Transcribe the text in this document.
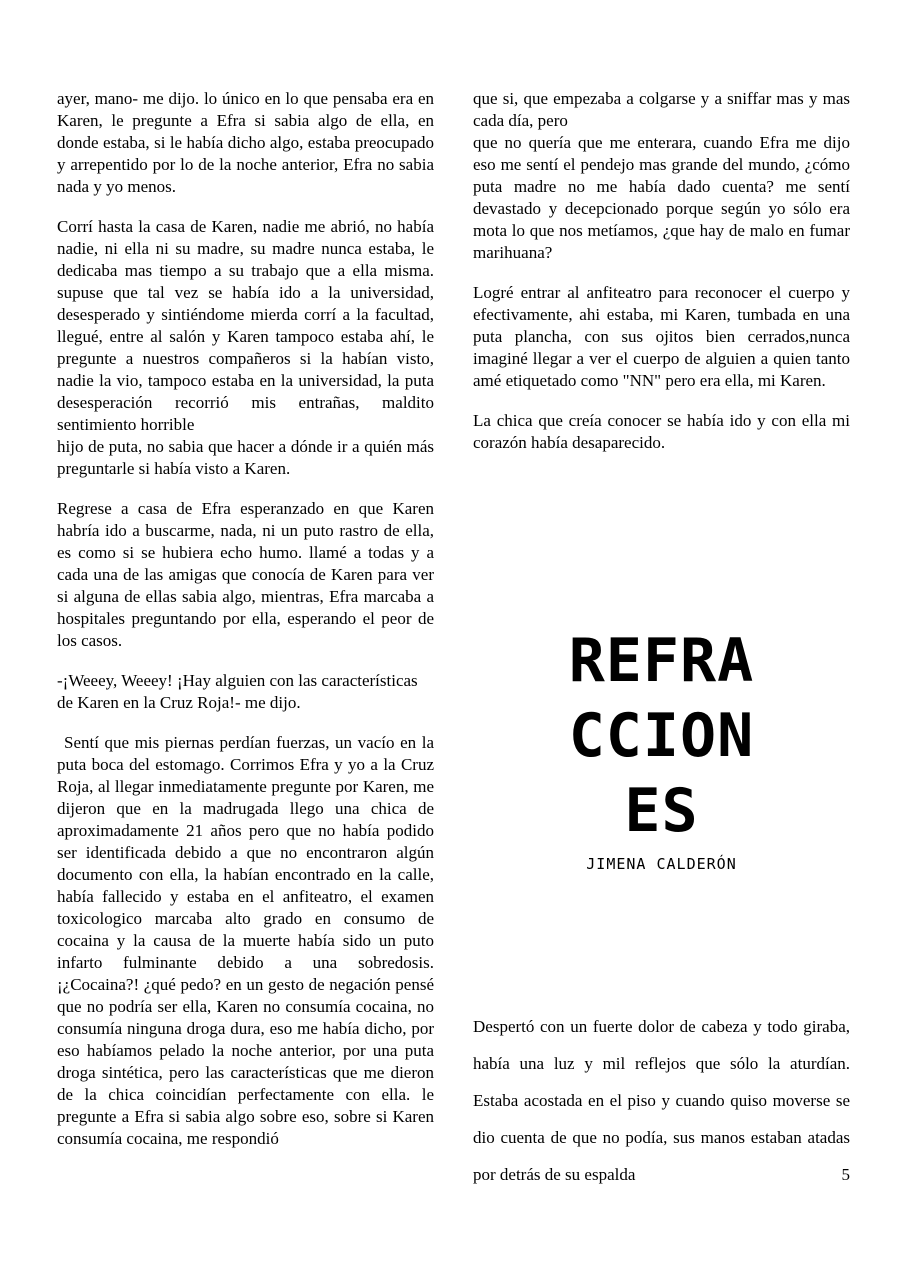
ayer, mano- me dijo. lo único en lo que pensaba era en Karen, le pregunte a Efra si sabia algo de ella, en donde estaba, si le había dicho algo, estaba preocupado y arrepentido por lo de la noche anterior, Efra no sabia nada y yo menos.

Corrí hasta la casa de Karen, nadie me abrió, no había nadie, ni ella ni su madre, su madre nunca estaba, le dedicaba mas tiempo a su trabajo que a ella misma. supuse que tal vez se había ido a la universidad, desesperado y sintiéndome mierda corrí a la facultad, llegué, entre al salón y Karen tampoco estaba ahí, le pregunte a nuestros compañeros si la habían visto, nadie la vio, tampoco estaba en la universidad, la puta desesperación recorrió mis entrañas, maldito sentimiento horrible
hijo de puta, no sabia que hacer a dónde ir a quién más preguntarle si había visto a Karen.

Regrese a casa de Efra esperanzado en que Karen habría ido a buscarme, nada, ni un puto rastro de ella, es como si se hubiera echo humo. llamé a todas y a cada una de las amigas que conocía de Karen para ver si alguna de ellas sabia algo, mientras, Efra marcaba a hospitales preguntando por ella, esperando el peor de los casos.

-¡Weeey, Weeey! ¡Hay alguien con las características
de Karen en la Cruz Roja!- me dijo.

Sentí que mis piernas perdían fuerzas, un vacío en la puta boca del estomago. Corrimos Efra y yo a la Cruz Roja, al llegar inmediatamente pregunte por Karen, me dijeron que en la madrugada llego una chica de aproximadamente 21 años pero que no había podido ser identificada debido a que no encontraron algún documento con ella, la habían encontrado en la calle, había fallecido y estaba en el anfiteatro, el examen toxicologico marcaba alto grado en consumo de cocaina y la causa de la muerte había sido un puto infarto fulminante debido a una sobredosis. ¡¿Cocaina?! ¿qué pedo? en un gesto de negación pensé que no podría ser ella, Karen no consumía cocaina, no consumía ninguna droga dura, eso me había dicho, por eso habíamos pelado la noche anterior, por una puta droga sintética, pero las características que me dieron de la chica coincidían perfectamente con ella. le pregunte a Efra si sabia algo sobre eso, sobre si Karen consumía cocaina, me respondió

que si, que empezaba a colgarse y a sniffar mas y mas cada día, pero
que no quería que me enterara, cuando Efra me dijo eso me sentí el pendejo mas grande del mundo, ¿cómo puta madre no me había dado cuenta? me sentí devastado y decepcionado porque según yo sólo era mota lo que nos metíamos, ¿que hay de malo en fumar marihuana?

Logré entrar al anfiteatro para reconocer el cuerpo y efectivamente, ahi estaba, mi Karen, tumbada en una puta plancha, con sus ojitos bien cerrados,nunca imaginé llegar a ver el cuerpo de alguien a quien tanto amé etiquetado como "NN" pero era ella, mi Karen.

La chica que creía conocer se había ido y con ella mi corazón había desaparecido.

REFRA
CCION
ES
JIMENA CALDERÓN

Despertó con un fuerte dolor de cabeza y todo giraba, había una luz y mil reflejos que sólo la aturdían. Estaba acostada en el piso y cuando quiso moverse se dio cuenta de que no podía, sus manos estaban atadas por detrás de su espalda	5
